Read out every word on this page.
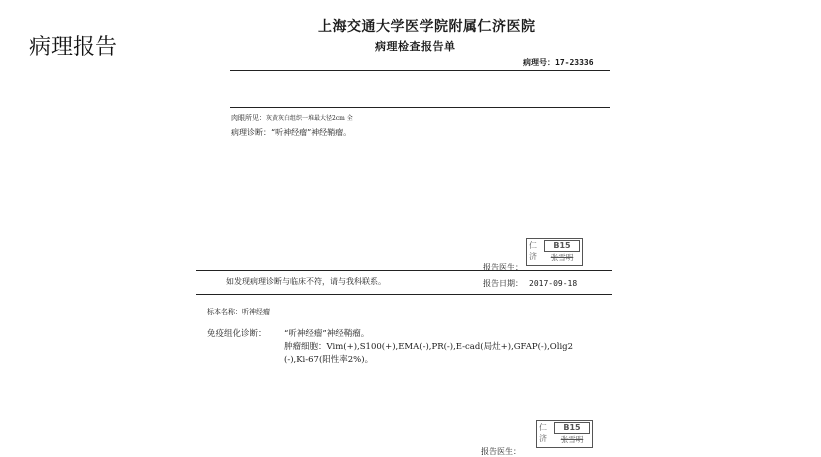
病理报告
上海交通大学医学院附属仁济医院
病理检查报告单
病理号：17-23336
肉眼所见：灰黄灰白组织一堆最大径2cm 全
病理诊断：“听神经瘤”神经鞘瘤。
仁
济
B15
张雪明
报告医生：
如发现病理诊断与临床不符，请与我科联系。	报告日期： 2017-09-18
标本名称：听神经瘤
免疫组化诊断： “听神经瘤”神经鞘瘤。
肿瘤细胞：Vim(+),S100(+),EMA(-),PR(-),E-cad(局灶+),GFAP(-),Olig2
(-),Ki-67(阳性率2%)。
仁
济
B15
张雪明
报告医生：
